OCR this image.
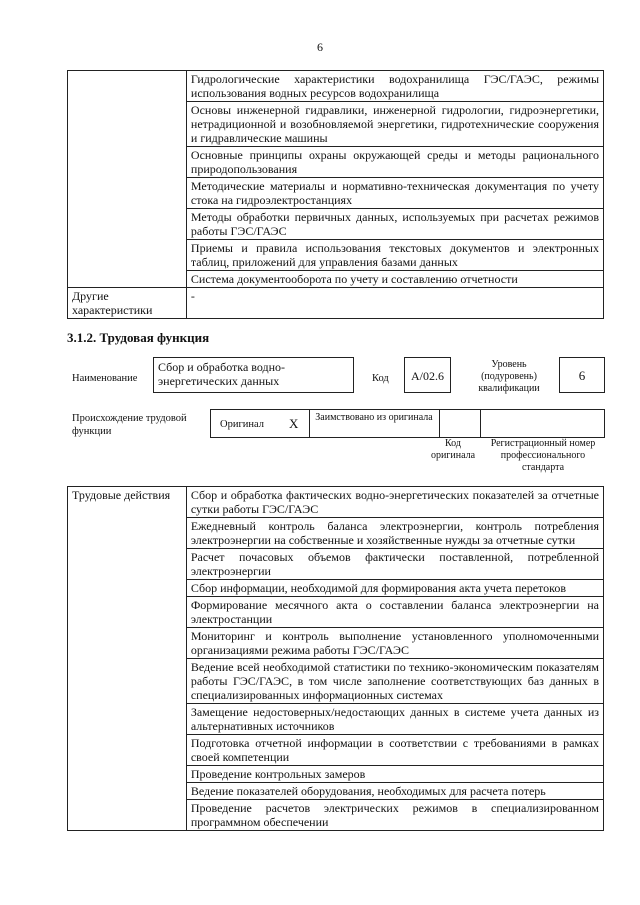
6
	Гидрологические характеристики водохранилища ГЭС/ГАЭС, режимы использования водных ресурсов водохранилища
	Основы инженерной гидравлики, инженерной гидрологии, гидроэнергетики, нетрадиционной и возобновляемой энергетики, гидротехнические сооружения и гидравлические машины
	Основные принципы охраны окружающей среды и методы рационального природопользования
	Методические материалы и нормативно-техническая документация по учету стока на гидроэлектростанциях
	Методы обработки первичных данных, используемых при расчетах режимов работы ГЭС/ГАЭС
	Приемы и правила использования текстовых документов и электронных таблиц, приложений для управления базами данных
	Система документооборота по учету и составлению отчетности
Другие характеристики	-
3.1.2. Трудовая функция
Наименование
Сбор и обработка водно-энергетических данных	Код	A/02.6
Уровень (подуровень) квалификации
6
Происхождение трудовой функции
Оригинал X	Заимствовано из оригинала
Код оригинала
Регистрационный номер профессионального стандарта
Трудовые действия	Сбор и обработка фактических водно-энергетических показателей за отчетные сутки работы ГЭС/ГАЭС
Ежедневный контроль баланса электроэнергии, контроль потребления электроэнергии на собственные и хозяйственные нужды за отчетные сутки
Расчет почасовых объемов фактически поставленной, потребленной электроэнергии
Сбор информации, необходимой для формирования акта учета перетоков
Формирование месячного акта о составлении баланса электроэнергии на электростанции
Мониторинг и контроль выполнение установленного уполномоченными организациями режима работы ГЭС/ГАЭС
Ведение всей необходимой статистики по технико-экономическим показателям работы ГЭС/ГАЭС, в том числе заполнение соответствующих баз данных в специализированных информационных системах
Замещение недостоверных/недостающих данных в системе учета данных из альтернативных источников
Подготовка отчетной информации в соответствии с требованиями в рамках своей компетенции
Проведение контрольных замеров
Ведение показателей оборудования, необходимых для расчета потерь
Проведение расчетов электрических режимов в специализированном программном обеспечении
